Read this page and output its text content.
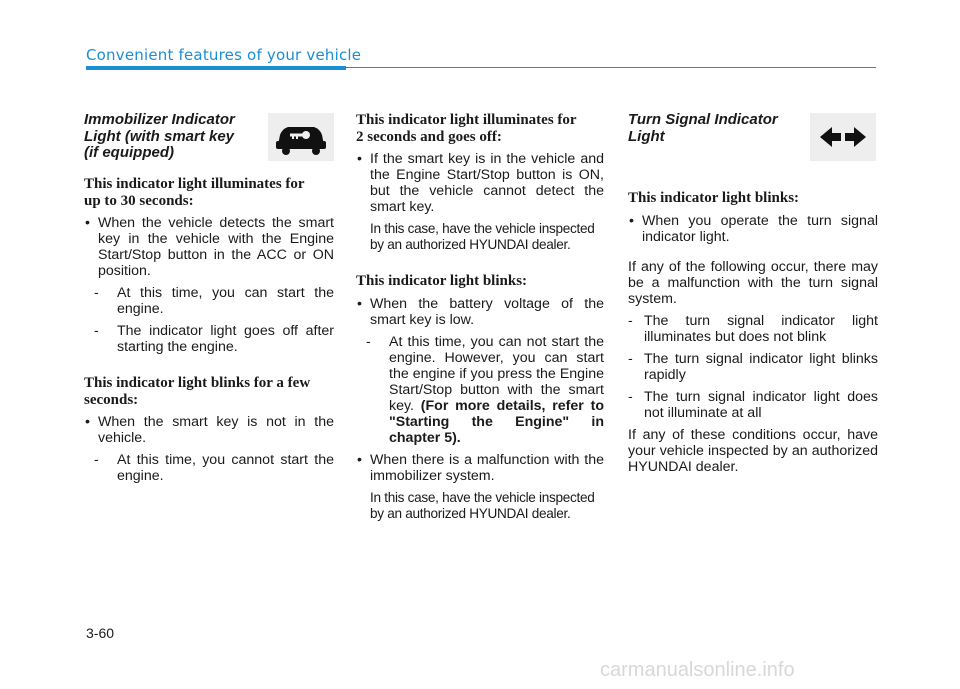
Convenient features of your vehicle
Immobilizer Indicator
Light (with smart key
(if equipped)
This indicator light illuminates for
up to 30 seconds:
• When the vehicle detects the smart key in the vehicle with the Engine Start/Stop button in the ACC or ON position.
- At this time, you can start the engine.
- The indicator light goes off after starting the engine.
This indicator light blinks for a few
seconds:
• When the smart key is not in the vehicle.
- At this time, you cannot start the engine.
This indicator light illuminates for
2 seconds and goes off:
• If the smart key is in the vehicle and the Engine Start/Stop button is ON, but the vehicle cannot detect the smart key.
In this case, have the vehicle inspected by an authorized HYUNDAI dealer.
This indicator light blinks:
• When the battery voltage of the smart key is low.
- At this time, you can not start the engine. However, you can start the engine if you press the Engine Start/Stop button with the smart key. (For more details, refer to "Starting the Engine" in chapter 5).
• When there is a malfunction with the immobilizer system.
In this case, have the vehicle inspected by an authorized HYUNDAI dealer.
Turn Signal Indicator
Light
This indicator light blinks:
• When you operate the turn signal indicator light.
If any of the following occur, there may be a malfunction with the turn signal system.
- The turn signal indicator light illuminates but does not blink
- The turn signal indicator light blinks rapidly
- The turn signal indicator light does not illuminate at all
If any of these conditions occur, have your vehicle inspected by an authorized HYUNDAI dealer.
3-60
carmanualsonline.info
